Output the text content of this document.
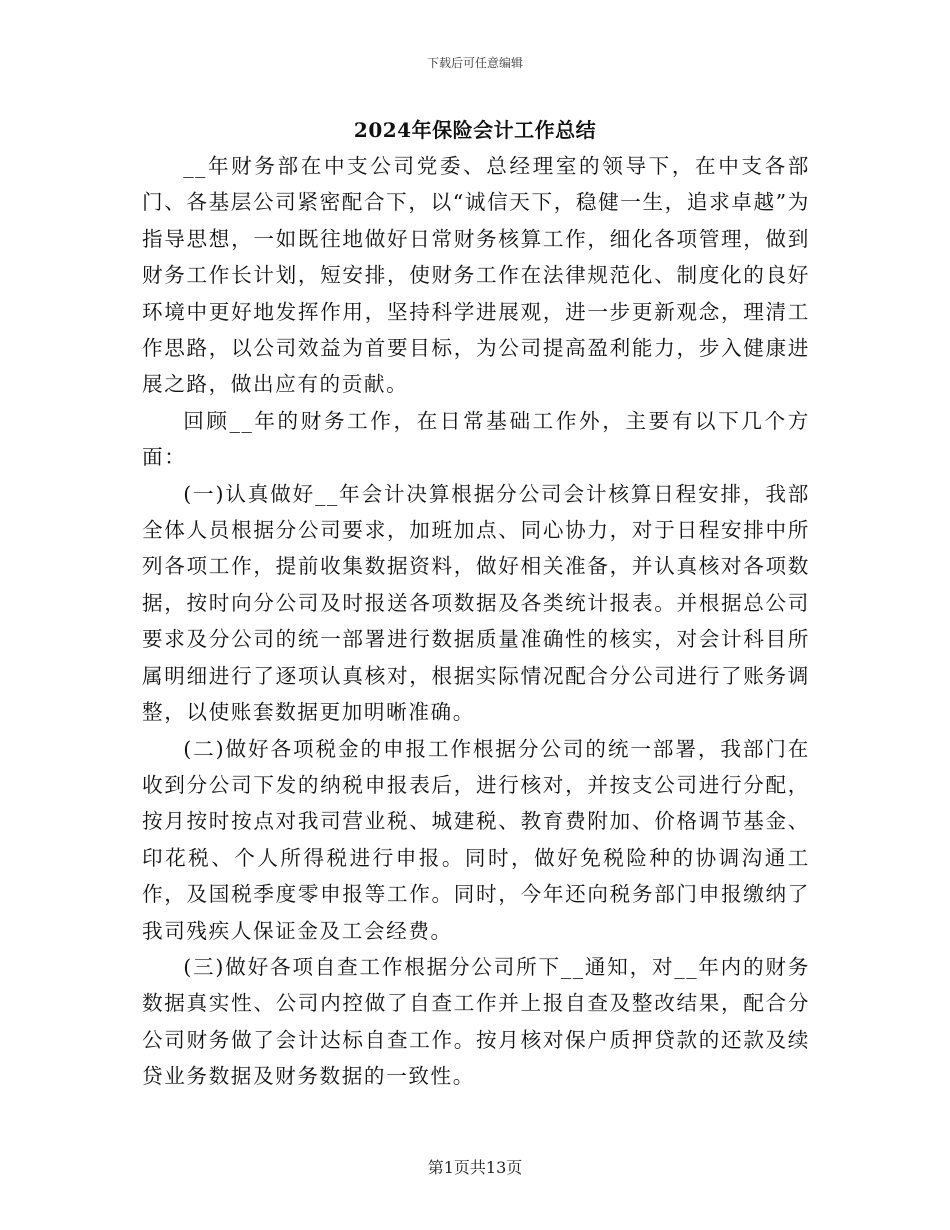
下载后可任意编辑
2024年保险会计工作总结

__年财务部在中支公司党委、总经理室的领导下，在中支各部门、各基层公司紧密配合下，以“诚信天下，稳健一生，追求卓越”为指导思想，一如既往地做好日常财务核算工作，细化各项管理，做到财务工作长计划，短安排，使财务工作在法律规范化、制度化的良好环境中更好地发挥作用，坚持科学进展观，进一步更新观念，理清工作思路，以公司效益为首要目标，为公司提高盈利能力，步入健康进展之路，做出应有的贡献。

回顾__年的财务工作，在日常基础工作外，主要有以下几个方面：

(一)认真做好__年会计决算根据分公司会计核算日程安排，我部全体人员根据分公司要求，加班加点、同心协力，对于日程安排中所列各项工作，提前收集数据资料，做好相关准备，并认真核对各项数据，按时向分公司及时报送各项数据及各类统计报表。并根据总公司要求及分公司的统一部署进行数据质量准确性的核实，对会计科目所属明细进行了逐项认真核对，根据实际情况配合分公司进行了账务调整，以使账套数据更加明晰准确。

(二)做好各项税金的申报工作根据分公司的统一部署，我部门在收到分公司下发的纳税申报表后，进行核对，并按支公司进行分配，按月按时按点对我司营业税、城建税、教育费附加、价格调节基金、印花税、个人所得税进行申报。同时，做好免税险种的协调沟通工作，及国税季度零申报等工作。同时，今年还向税务部门申报缴纳了我司残疾人保证金及工会经费。

(三)做好各项自查工作根据分公司所下__通知，对__年内的财务数据真实性、公司内控做了自查工作并上报自查及整改结果，配合分公司财务做了会计达标自查工作。按月核对保户质押贷款的还款及续贷业务数据及财务数据的一致性。

第1页共13页
